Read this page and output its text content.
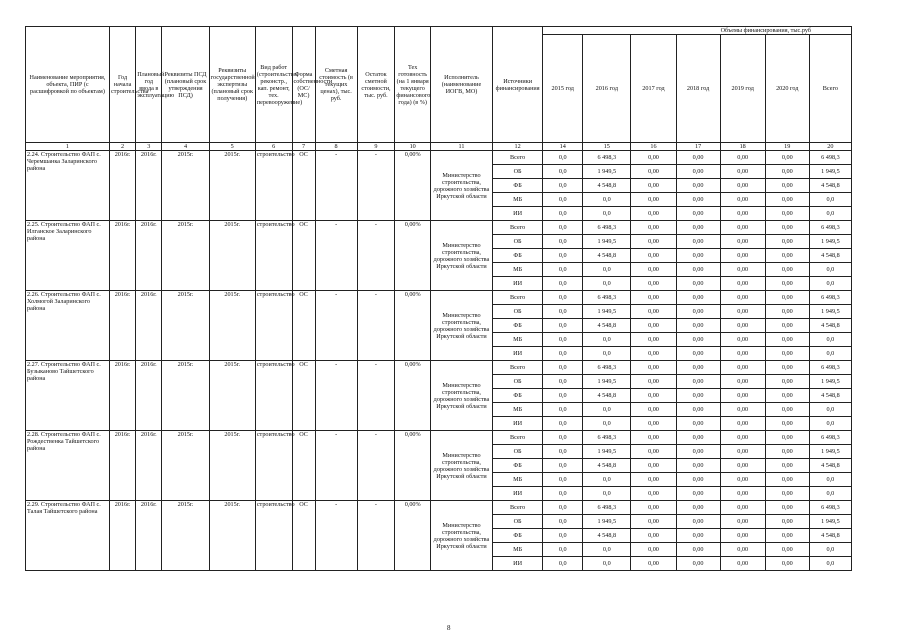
Наименование мероприятия, объекта, ПИР (с расшифровкой по объектам)	Год начала строительства	Плановый год ввода в эксплуатацию	Реквизиты ПСД (плановый срок утверждения ПСД)	Реквизиты государственной экспертизы (плановый срок получения)	Вид работ (строительство, реконстр., кап. ремонт, тех. перевооружение)	Форма собственности (ОС/МС)	Сметная стоимость (в текущих ценах), тыс. руб.	Остаток сметной стоимости, тыс. руб.	Тех готовность (на 1 января текущего финансового года) (в %)	Исполнитель (наименование ИОГВ, МО)	Источники финансирования	Объемы финансирования, тыс.руб						
												2015 год	2016 год	2017 год	2018 год	2019 год	2020 год	Всего
1	2	3	4	5	6	7	8	9	10	11	12	14	15	16	17	18	19	20
2.24. Строительство ФАП с. Черемшанка Заларинского района	2016г.	2016г.	2015г.	2015г.	строительство	ОС	-	-	0,00%	Министерство строительства, дорожного хозяйства Иркутской области	Всего	0,0	6 498,3	0,00	0,00	0,00	0,00	6 498,3
											ОБ	0,0	1 949,5	0,00	0,00	0,00	0,00	1 949,5
											ФБ	0,0	4 548,8	0,00	0,00	0,00	0,00	4 548,8
											МБ	0,0	0,0	0,00	0,00	0,00	0,00	0,0
											ИИ	0,0	0,0	0,00	0,00	0,00	0,00	0,0
2.25. Строительство ФАП с. Илганское Заларинского района	2016г.	2016г.	2015г.	2015г.	строительство	ОС	-	-	0,00%	Министерство строительства, дорожного хозяйства Иркутской области	Всего	0,0	6 498,3	0,00	0,00	0,00	0,00	6 498,3
											ОБ	0,0	1 949,5	0,00	0,00	0,00	0,00	1 949,5
											ФБ	0,0	4 548,8	0,00	0,00	0,00	0,00	4 548,8
											МБ	0,0	0,0	0,00	0,00	0,00	0,00	0,0
											ИИ	0,0	0,0	0,00	0,00	0,00	0,00	0,0
2.26. Строительство ФАП с. Холмогой Заларинского района	2016г.	2016г.	2015г.	2015г.	строительство	ОС	-	-	0,00%	Министерство строительства, дорожного хозяйства Иркутской области	Всего	0,0	6 498,3	0,00	0,00	0,00	0,00	6 498,3
											ОБ	0,0	1 949,5	0,00	0,00	0,00	0,00	1 949,5
											ФБ	0,0	4 548,8	0,00	0,00	0,00	0,00	4 548,8
											МБ	0,0	0,0	0,00	0,00	0,00	0,00	0,0
											ИИ	0,0	0,0	0,00	0,00	0,00	0,00	0,0
2.27. Строительство ФАП с. Бузыканово Тайшетского района	2016г.	2016г.	2015г.	2015г.	строительство	ОС	-	-	0,00%	Министерство строительства, дорожного хозяйства Иркутской области	Всего	0,0	6 498,3	0,00	0,00	0,00	0,00	6 498,3
											ОБ	0,0	1 949,5	0,00	0,00	0,00	0,00	1 949,5
											ФБ	0,0	4 548,8	0,00	0,00	0,00	0,00	4 548,8
											МБ	0,0	0,0	0,00	0,00	0,00	0,00	0,0
											ИИ	0,0	0,0	0,00	0,00	0,00	0,00	0,0
2.28. Строительство ФАП с. Рождественка Тайшетского района	2016г.	2016г.	2015г.	2015г.	строительство	ОС	-	-	0,00%	Министерство строительства, дорожного хозяйства Иркутской области	Всего	0,0	6 498,3	0,00	0,00	0,00	0,00	6 498,3
											ОБ	0,0	1 949,5	0,00	0,00	0,00	0,00	1 949,5
											ФБ	0,0	4 548,8	0,00	0,00	0,00	0,00	4 548,8
											МБ	0,0	0,0	0,00	0,00	0,00	0,00	0,0
											ИИ	0,0	0,0	0,00	0,00	0,00	0,00	0,0
2.29. Строительство ФАП с. Талая Тайшетского района	2016г.	2016г.	2015г.	2015г.	строительство	ОС	-	-	0,00%	Министерство строительства, дорожного хозяйства Иркутской области	Всего	0,0	6 498,3	0,00	0,00	0,00	0,00	6 498,3
											ОБ	0,0	1 949,5	0,00	0,00	0,00	0,00	1 949,5
											ФБ	0,0	4 548,8	0,00	0,00	0,00	0,00	4 548,8
											МБ	0,0	0,0	0,00	0,00	0,00	0,00	0,0
											ИИ	0,0	0,0	0,00	0,00	0,00	0,00	0,0
8
